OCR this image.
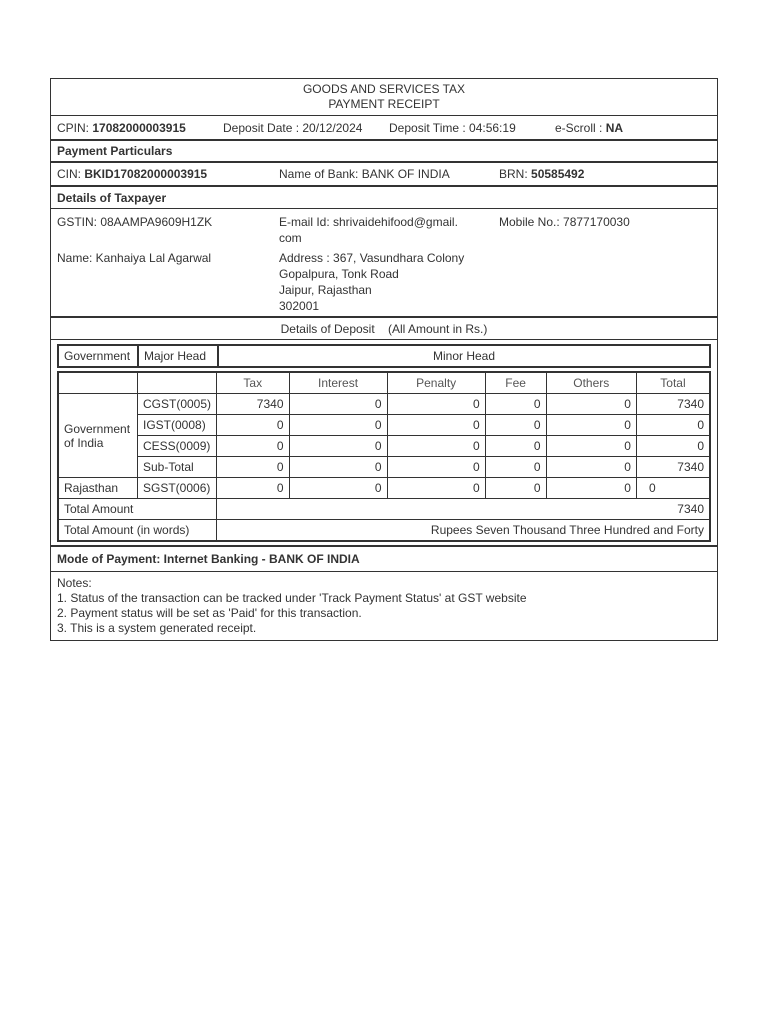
GOODS AND SERVICES TAX
PAYMENT RECEIPT
CPIN: 17082000003915	Deposit Date : 20/12/2024 Deposit Time : 04:56:19	e-Scroll : NA
Payment Particulars
CIN: BKID17082000003915	Name of Bank: BANK OF INDIA	BRN: 50585492
Details of Taxpayer
GSTIN: 08AAMPA9609H1ZK	E-mail Id: shrivaidehifood@gmail.
com
Mobile No.: 7877170030
Name: Kanhaiya Lal Agarwal	Address : 367, Vasundhara Colony
Gopalpura, Tonk Road
Jaipur, Rajasthan
302001
Details of Deposit    (All Amount in Rs.)
Government	Major Head	Minor Head
		Tax	Interest	Penalty	Fee	Others	Total
Government of India	CGST(0005)	7340	0	0	0	0	7340
	IGST(0008)	0	0	0	0	0	0
	CESS(0009)	0	0	0	0	0	0
	Sub-Total	0	0	0	0	0	7340
Rajasthan	SGST(0006)	0	0	0	0	0	0
Total Amount		7340					
Total Amount (in words)		Rupees Seven Thousand Three Hundred and Forty					
Mode of Payment: Internet Banking - BANK OF INDIA
Notes:
1. Status of the transaction can be tracked under 'Track Payment Status' at GST website
2. Payment status will be set as 'Paid' for this transaction.
3. This is a system generated receipt.
